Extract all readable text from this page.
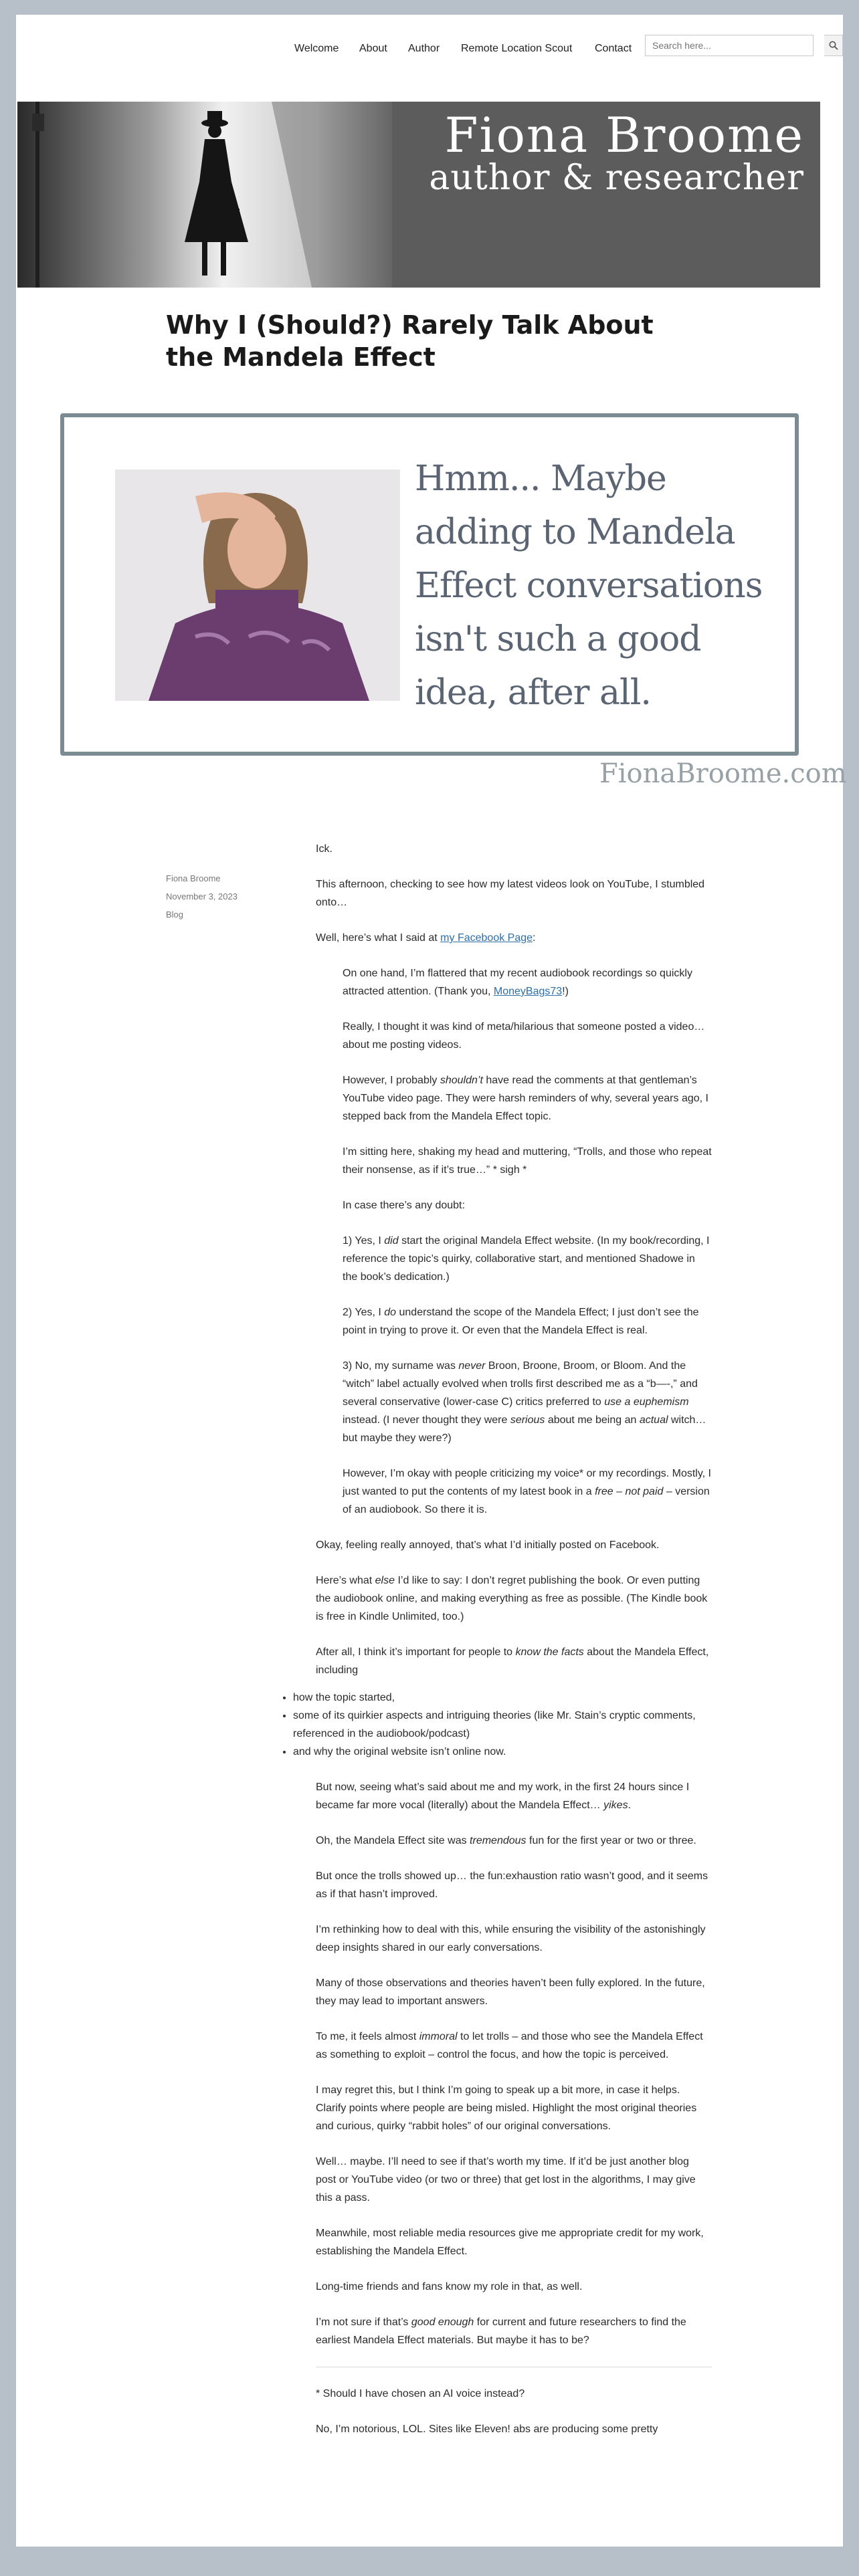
Welcome About Author Remote Location Scout Contact
Search here...
Fiona Broome
author & researcher
Why I (Should?) Rarely Talk About the Mandela Effect
Hmm... Maybe adding to Mandela Effect conversations isn't such a good idea, after all.
FionaBroome.com
Fiona Broome
November 3, 2023
Blog

Ick.

This afternoon, checking to see how my latest videos look on YouTube, I stumbled onto…

Well, here’s what I said at my Facebook Page:

On one hand, I’m flattered that my recent audiobook recordings so quickly attracted attention. (Thank you, MoneyBags73!)

Really, I thought it was kind of meta/hilarious that someone posted a video… about me posting videos.

However, I probably shouldn’t have read the comments at that gentleman’s YouTube video page. They were harsh reminders of why, several years ago, I stepped back from the Mandela Effect topic.

I’m sitting here, shaking my head and muttering, “Trolls, and those who repeat their nonsense, as if it’s true…” * sigh *

In case there’s any doubt:

1) Yes, I did start the original Mandela Effect website. (In my book/recording, I reference the topic’s quirky, collaborative start, and mentioned Shadowe in the book’s dedication.)

2) Yes, I do understand the scope of the Mandela Effect; I just don’t see the point in trying to prove it. Or even that the Mandela Effect is real.

3) No, my surname was never Broon, Broone, Broom, or Bloom. And the “witch” label actually evolved when trolls first described me as a “b—-,” and several conservative (lower-case C) critics preferred to use a euphemism instead. (I never thought they were serious about me being an actual witch… but maybe they were?)

However, I’m okay with people criticizing my voice* or my recordings. Mostly, I just wanted to put the contents of my latest book in a free – not paid – version of an audiobook. So there it is.

Okay, feeling really annoyed, that’s what I’d initially posted on Facebook.

Here’s what else I’d like to say: I don’t regret publishing the book. Or even putting the audiobook online, and making everything as free as possible. (The Kindle book is free in Kindle Unlimited, too.)

After all, I think it’s important for people to know the facts about the Mandela Effect, including

• how the topic started,
• some of its quirkier aspects and intriguing theories (like Mr. Stain’s cryptic comments, referenced in the audiobook/podcast)
• and why the original website isn’t online now.

But now, seeing what’s said about me and my work, in the first 24 hours since I became far more vocal (literally) about the Mandela Effect… yikes.

Oh, the Mandela Effect site was tremendous fun for the first year or two or three.

But once the trolls showed up… the fun:exhaustion ratio wasn’t good, and it seems as if that hasn’t improved.

I’m rethinking how to deal with this, while ensuring the visibility of the astonishingly deep insights shared in our early conversations.

Many of those observations and theories haven’t been fully explored. In the future, they may lead to important answers.

To me, it feels almost immoral to let trolls – and those who see the Mandela Effect as something to exploit – control the focus, and how the topic is perceived.

I may regret this, but I think I’m going to speak up a bit more, in case it helps. Clarify points where people are being misled. Highlight the most original theories and curious, quirky “rabbit holes” of our original conversations.

Well… maybe. I’ll need to see if that’s worth my time. If it’d be just another blog post or YouTube video (or two or three) that get lost in the algorithms, I may give this a pass.

Meanwhile, most reliable media resources give me appropriate credit for my work, establishing the Mandela Effect.

Long-time friends and fans know my role in that, as well.

I’m not sure if that’s good enough for current and future researchers to find the earliest Mandela Effect materials. But maybe it has to be?

* Should I have chosen an AI voice instead?

No, I’m notorious, LOL. Sites like Eleven! abs are producing some pretty
